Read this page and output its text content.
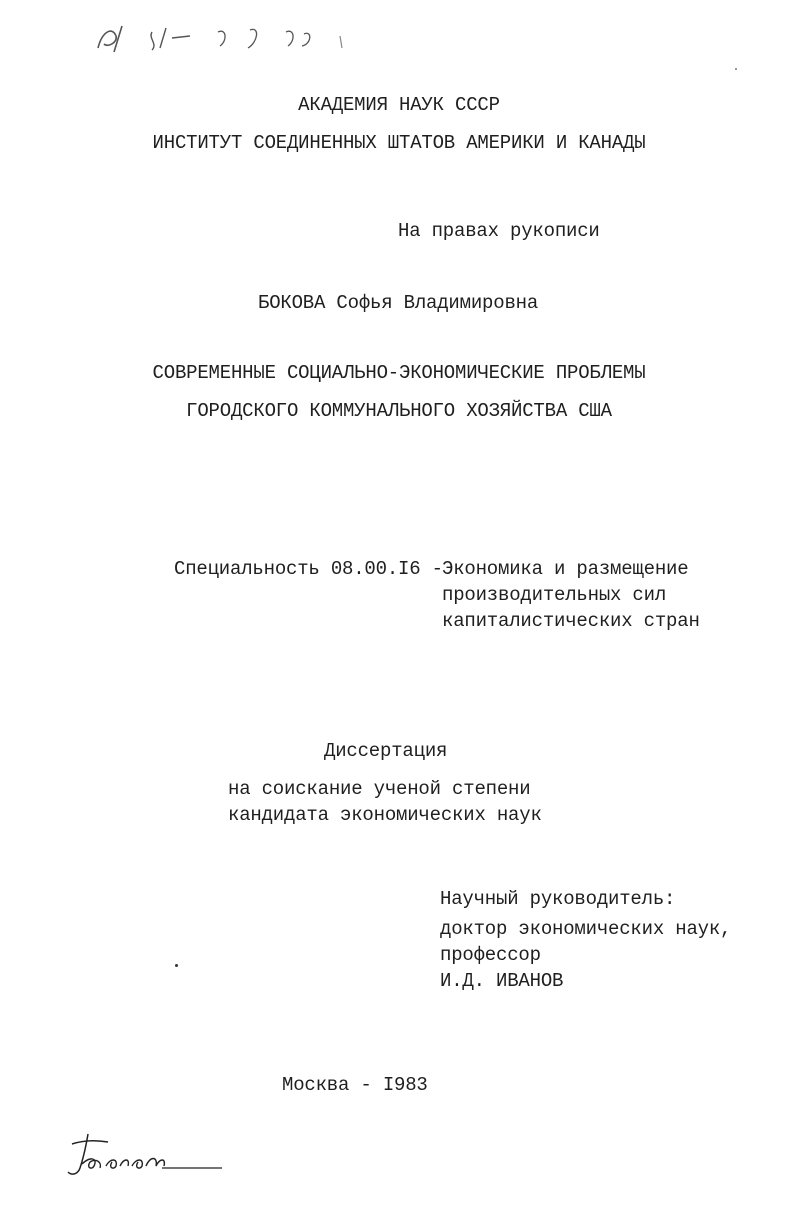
АКАДЕМИЯ НАУК СССР
ИНСТИТУТ СОЕДИНЕННЫХ ШТАТОВ АМЕРИКИ И КАНАДЫ
На правах рукописи
БОКОВА Софья Владимировна
СОВРЕМЕННЫЕ СОЦИАЛЬНО-ЭКОНОМИЧЕСКИЕ ПРОБЛЕМЫ
ГОРОДСКОГО КОММУНАЛЬНОГО ХОЗЯЙСТВА США
Специальность 08.00.I6 - Экономика и размещение
производительных сил
капиталистических стран
Диссертация
на соискание ученой степени
кандидата экономических наук
Научный руководитель:
доктор экономических наук,
профессор
И.Д. ИВАНОВ
Москва - I983
